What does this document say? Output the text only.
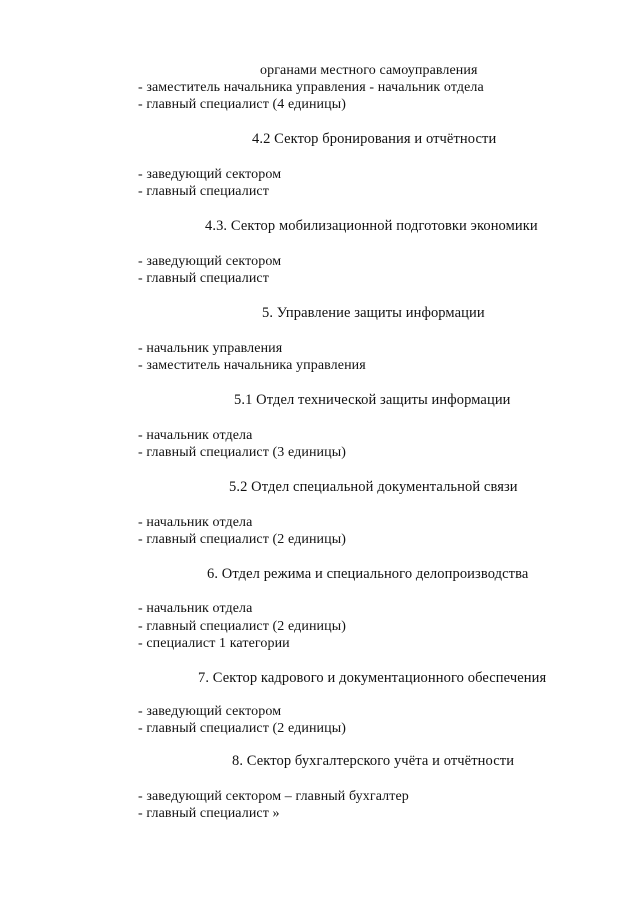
органами местного самоуправления
- заместитель начальника управления - начальник отдела
- главный специалист (4 единицы)
4.2 Сектор бронирования и отчётности
- заведующий сектором
- главный специалист
4.3. Сектор мобилизационной подготовки экономики
- заведующий сектором
- главный специалист
5. Управление защиты информации
- начальник управления
- заместитель начальника управления
5.1 Отдел технической защиты информации
- начальник отдела
- главный специалист (3 единицы)
5.2 Отдел специальной документальной связи
- начальник отдела
- главный специалист (2 единицы)
6. Отдел режима и специального делопроизводства
- начальник отдела
- главный специалист (2 единицы)
- специалист 1 категории
7. Сектор кадрового и документационного обеспечения
- заведующий сектором
- главный специалист (2 единицы)
8. Сектор бухгалтерского учёта и отчётности
- заведующий сектором – главный бухгалтер
- главный специалист »
